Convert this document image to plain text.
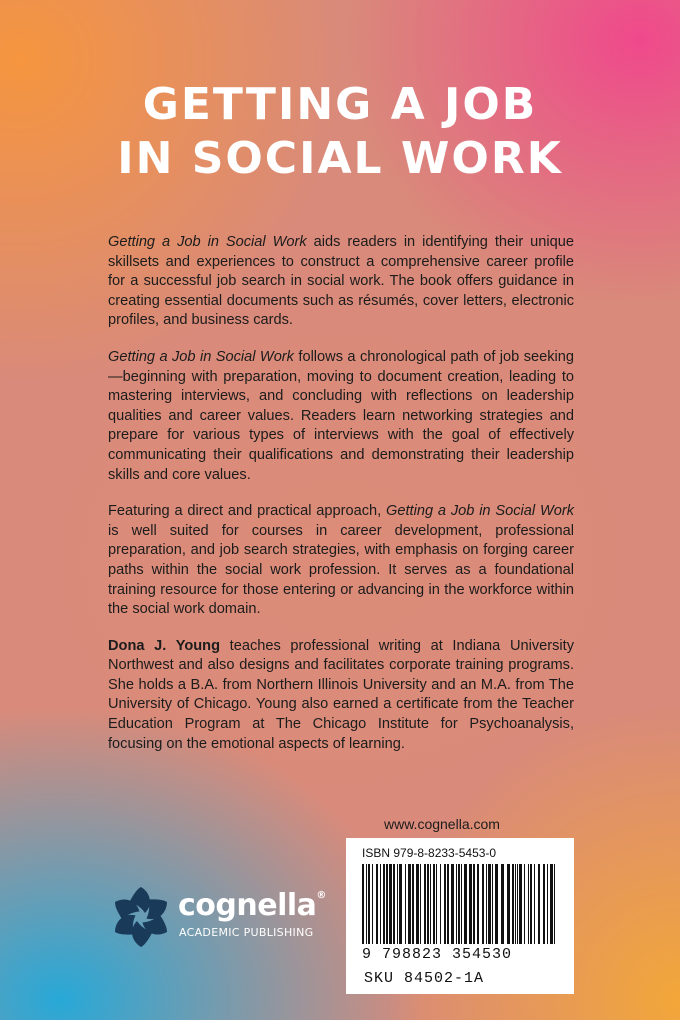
GETTING A JOB
IN SOCIAL WORK

Getting a Job in Social Work aids readers in identifying their unique skillsets and experiences to construct a comprehensive career profile for a successful job search in social work. The book offers guidance in creating essential documents such as résumés, cover letters, electronic profiles, and business cards.

Getting a Job in Social Work follows a chronological path of job seeking—beginning with preparation, moving to document creation, leading to mastering interviews, and concluding with reflections on leadership qualities and career values. Readers learn networking strategies and prepare for various types of interviews with the goal of effectively communicating their qualifications and demonstrating their leadership skills and core values.

Featuring a direct and practical approach, Getting a Job in Social Work is well suited for courses in career development, professional preparation, and job search strategies, with emphasis on forging career paths within the social work profession. It serves as a foundational training resource for those entering or advancing in the workforce within the social work domain.

Dona J. Young teaches professional writing at Indiana University Northwest and also designs and facilitates corporate training programs. She holds a B.A. from Northern Illinois University and an M.A. from The University of Chicago. Young also earned a certificate from the Teacher Education Program at The Chicago Institute for Psychoanalysis, focusing on the emotional aspects of learning.

www.cognella.com
ISBN 979-8-8233-5453-0
9 798823 354530
SKU 84502-1A
cognella®
ACADEMIC PUBLISHING
